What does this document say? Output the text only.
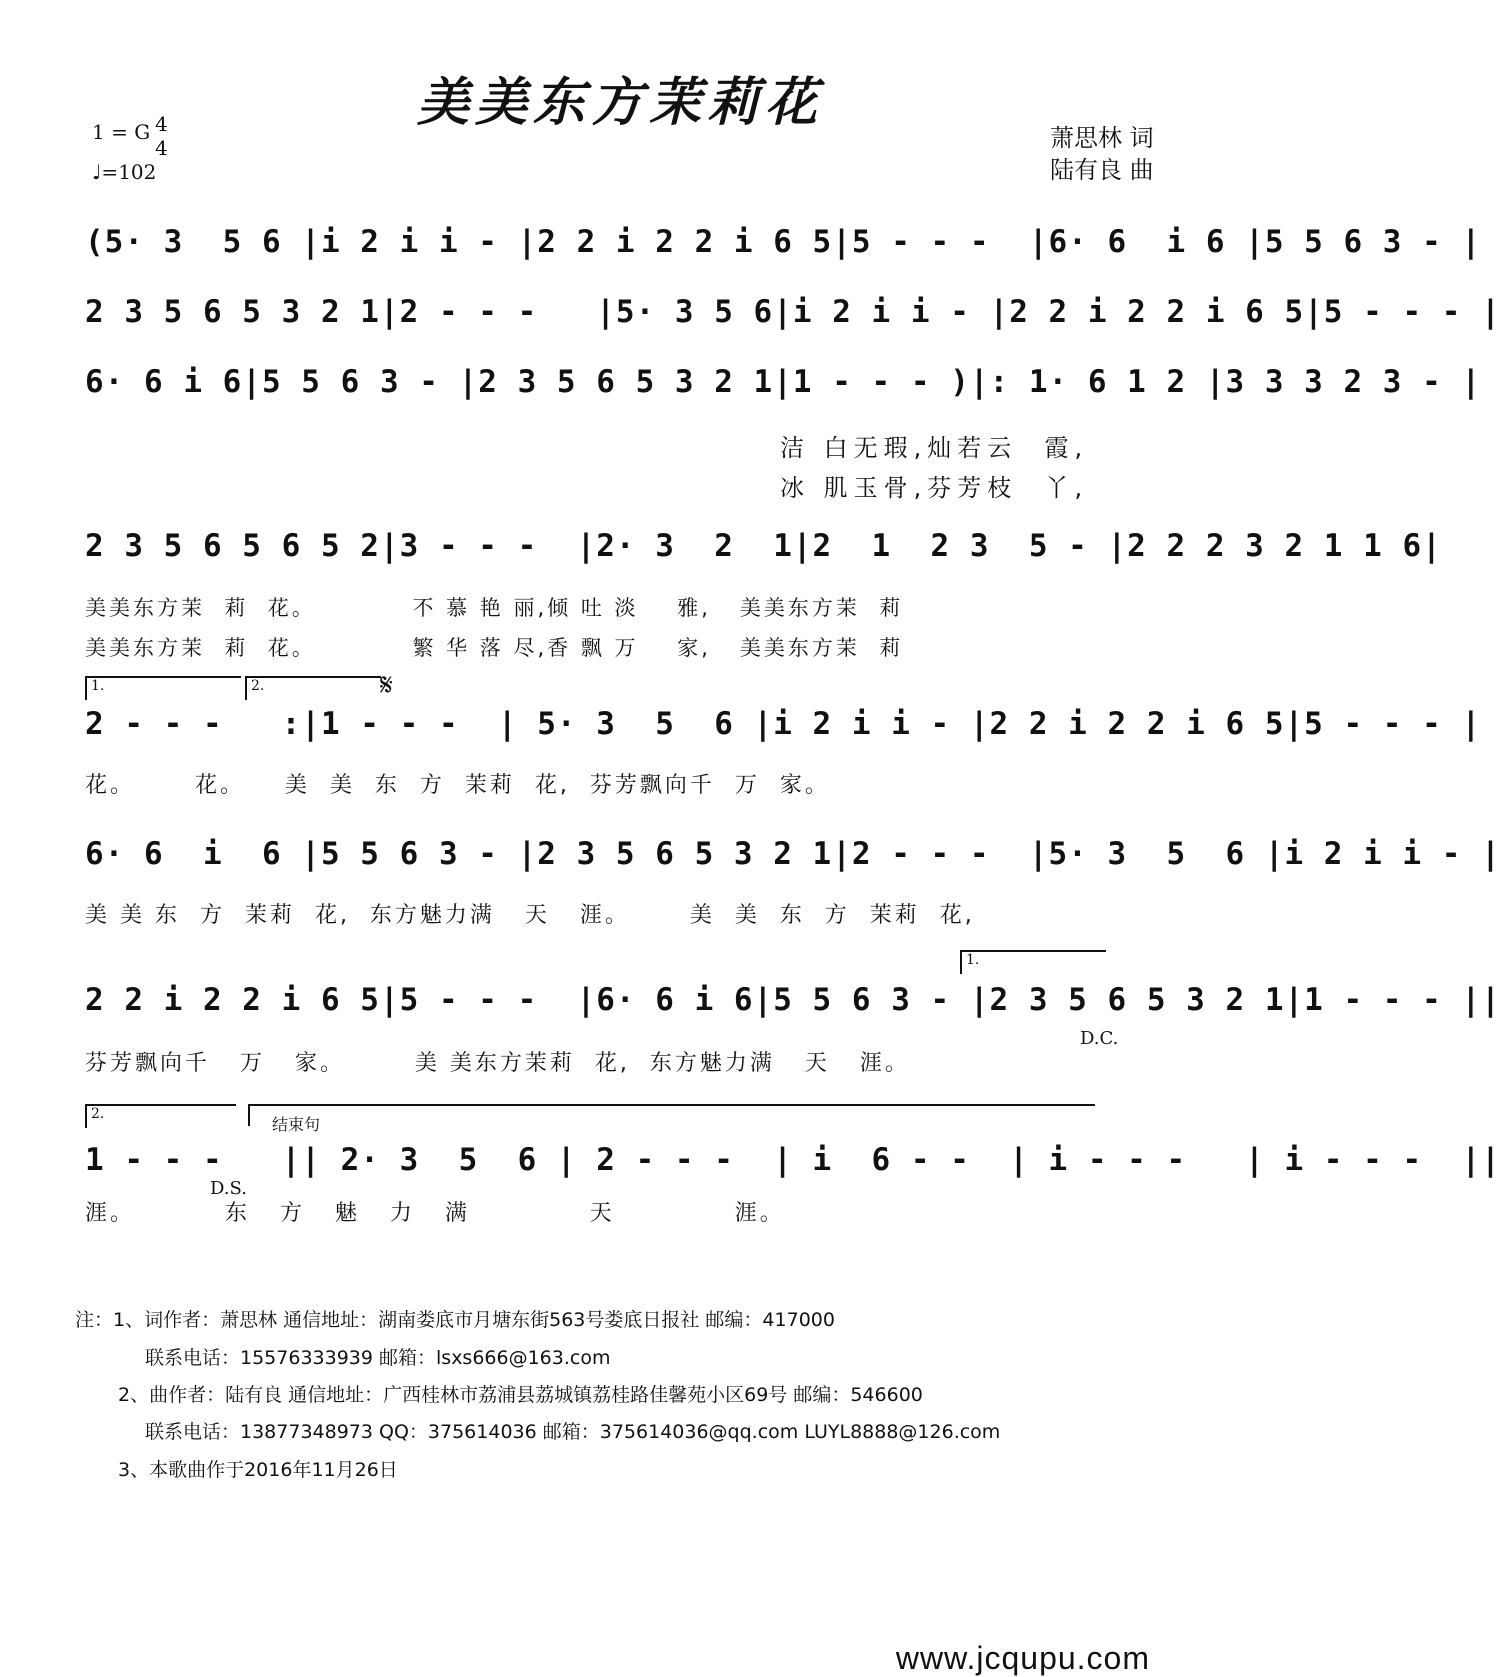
美美东方茉莉花
1 = G 4
4
♩=102
萧思林 词
陆有良 曲
(5· 3  5 6 |i 2 i i - |2 2 i 2 2 i 6 5|5 - - -  |6· 6  i 6 |5 5 6 3 - |
2 3 5 6 5 3 2 1|2 - - -   |5· 3 5 6|i 2 i i - |2 2 i 2 2 i 6 5|5 - - - |
6· 6 i 6|5 5 6 3 - |2 3 5 6 5 3 2 1|1 - - - )|: 1· 6 1 2 |3 3 3 2 3 - |
洁 白无瑕,灿若云  霞,
冰 肌玉骨,芬芳枝  丫,
2 3 5 6 5 6 5 2|3 - - -  |2· 3  2  1|2  1  2 3  5 - |2 2 2 3 2 1 1 6|
美美东方茉  莉  花。          不 慕 艳 丽,倾 吐 淡    雅,   美美东方茉  莉
美美东方茉  莉  花。          繁 华 落 尽,香 飘 万    家,   美美东方茉  莉
1.	2.	𝄋
2 - - -   :|1 - - -  | 5· 3  5  6 |i 2 i i - |2 2 i 2 2 i 6 5|5 - - - |
花。      花。    美  美  东  方  茉莉  花,  芬芳飘向千  万  家。
6· 6  i  6 |5 5 6 3 - |2 3 5 6 5 3 2 1|2 - - -  |5· 3  5  6 |i 2 i i - |
美 美 东  方  茉莉  花,  东方魅力满   天   涯。      美  美  东  方  茉莉  花,
1.
2 2 i 2 2 i 6 5|5 - - -  |6· 6 i 6|5 5 6 3 - |2 3 5 6 5 3 2 1|1 - - - ||
D.C.
芬芳飘向千   万   家。       美 美东方茉莉  花,  东方魅力满   天   涯。
2.
结束句
1 - - -   || 2· 3  5  6 | 2 - - -  | i  6 - -  | i - - -   | i - - -  ||
D.S.
涯。         东   方   魅   力   满            天            涯。
注：1、词作者：萧思林 通信地址：湖南娄底市月塘东街563号娄底日报社 邮编：417000
联系电话：15576333939 邮箱：lsxs666@163.com
2、曲作者：陆有良 通信地址：广西桂林市荔浦县荔城镇荔桂路佳馨苑小区69号 邮编：546600
联系电话：13877348973 QQ：375614036 邮箱：375614036@qq.com LUYL8888@126.com
3、本歌曲作于2016年11月26日
www.jcqupu.com
